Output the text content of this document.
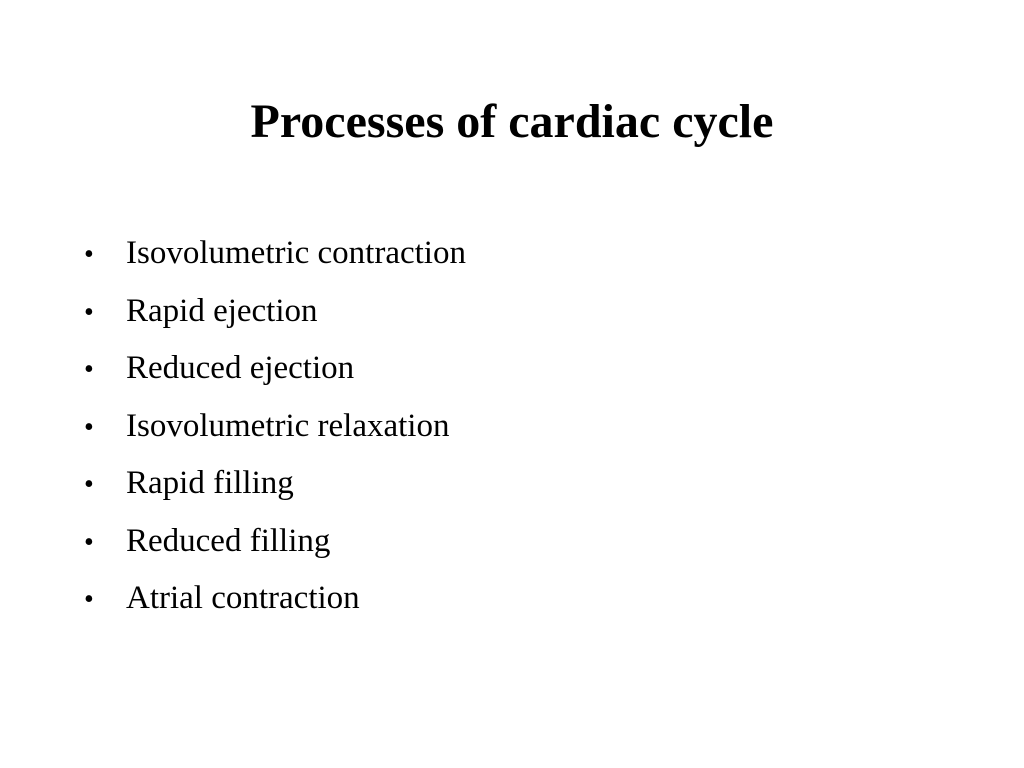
Processes of cardiac cycle
• Isovolumetric contraction
• Rapid ejection
• Reduced ejection
• Isovolumetric relaxation
• Rapid filling
• Reduced filling
• Atrial contraction
